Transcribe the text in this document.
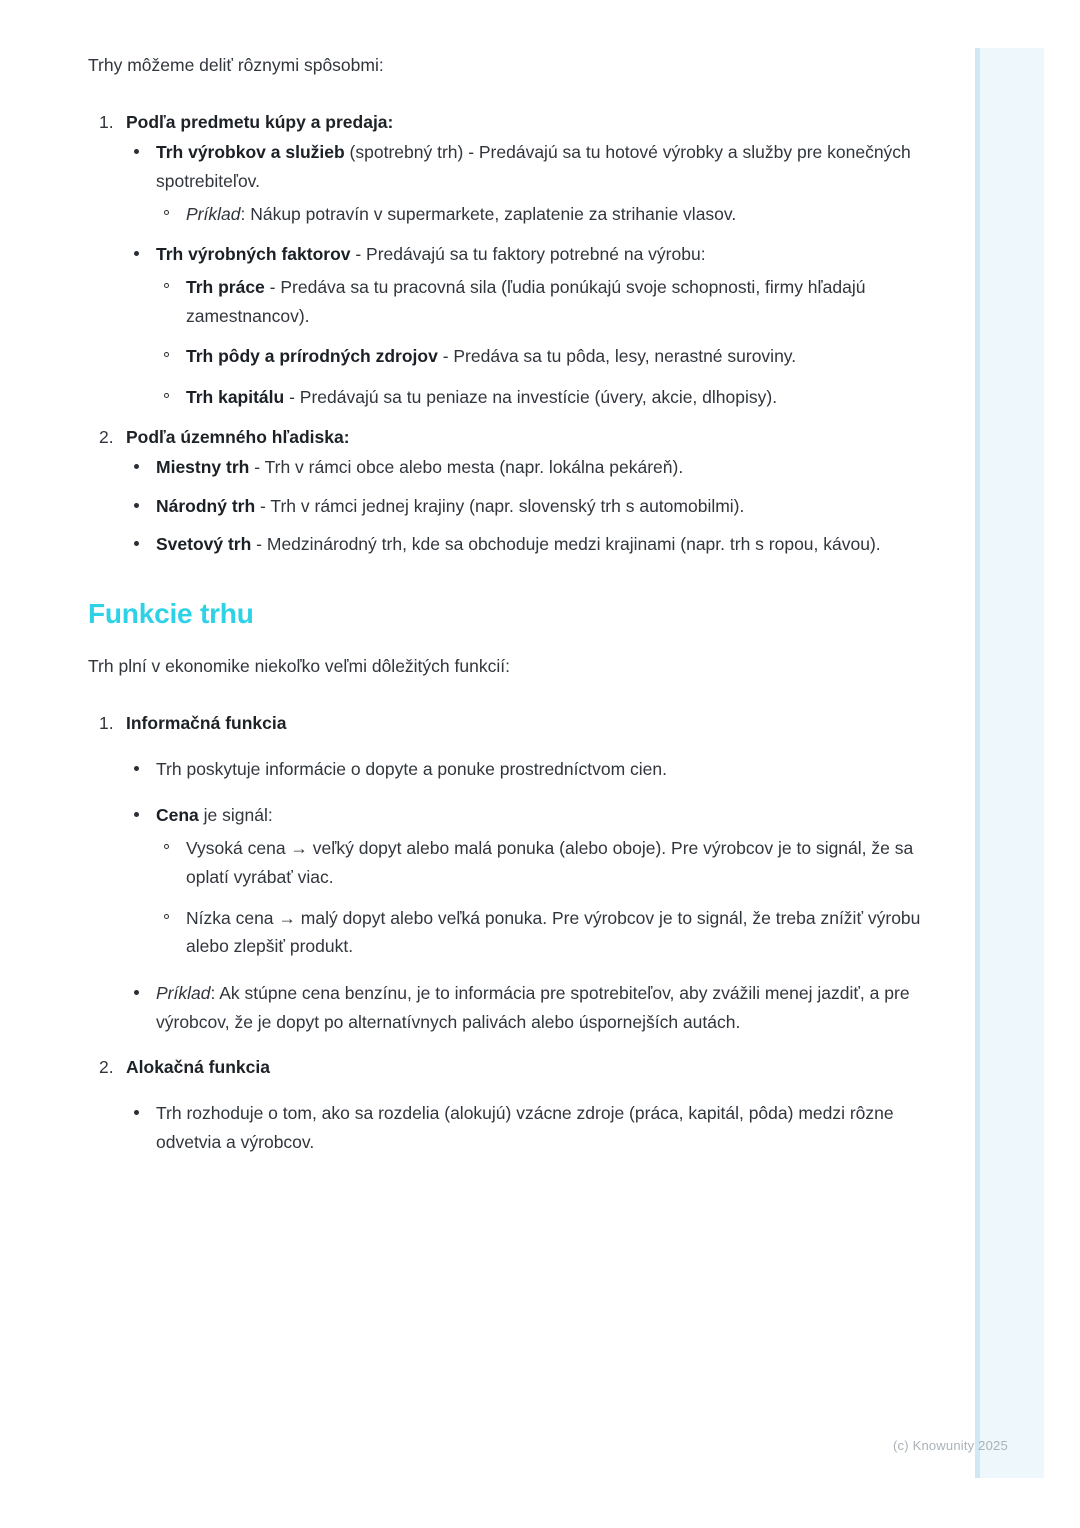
Trhy môžeme deliť rôznymi spôsobmi:

1. Podľa predmetu kúpy a predaja:
Trh výrobkov a služieb (spotrebný trh) - Predávajú sa tu hotové výrobky a služby pre konečných spotrebiteľov.
Príklad: Nákup potravín v supermarkete, zaplatenie za strihanie vlasov.
Trh výrobných faktorov - Predávajú sa tu faktory potrebné na výrobu:
Trh práce - Predáva sa tu pracovná sila (ľudia ponúkajú svoje schopnosti, firmy hľadajú zamestnancov).
Trh pôdy a prírodných zdrojov - Predáva sa tu pôda, lesy, nerastné suroviny.
Trh kapitálu - Predávajú sa tu peniaze na investície (úvery, akcie, dlhopisy).
2. Podľa územného hľadiska:
Miestny trh - Trh v rámci obce alebo mesta (napr. lokálna pekáreň).
Národný trh - Trh v rámci jednej krajiny (napr. slovenský trh s automobilmi).
Svetový trh - Medzinárodný trh, kde sa obchoduje medzi krajinami (napr. trh s ropou, kávou).
Funkcie trhu

Trh plní v ekonomike niekoľko veľmi dôležitých funkcií:

1. Informačná funkcia
Trh poskytuje informácie o dopyte a ponuke prostredníctvom cien.
Cena je signál:
Vysoká cena → veľký dopyt alebo malá ponuka (alebo oboje). Pre výrobcov je to signál, že sa oplatí vyrábať viac.
Nízka cena → malý dopyt alebo veľká ponuka. Pre výrobcov je to signál, že treba znížiť výrobu alebo zlepšiť produkt.
Príklad: Ak stúpne cena benzínu, je to informácia pre spotrebiteľov, aby zvážili menej jazdiť, a pre výrobcov, že je dopyt po alternatívnych palivách alebo úspornejších autách.
2. Alokačná funkcia
Trh rozhoduje o tom, ako sa rozdelia (alokujú) vzácne zdroje (práca, kapitál, pôda) medzi rôzne odvetvia a výrobcov.
(c) Knowunity 2025
